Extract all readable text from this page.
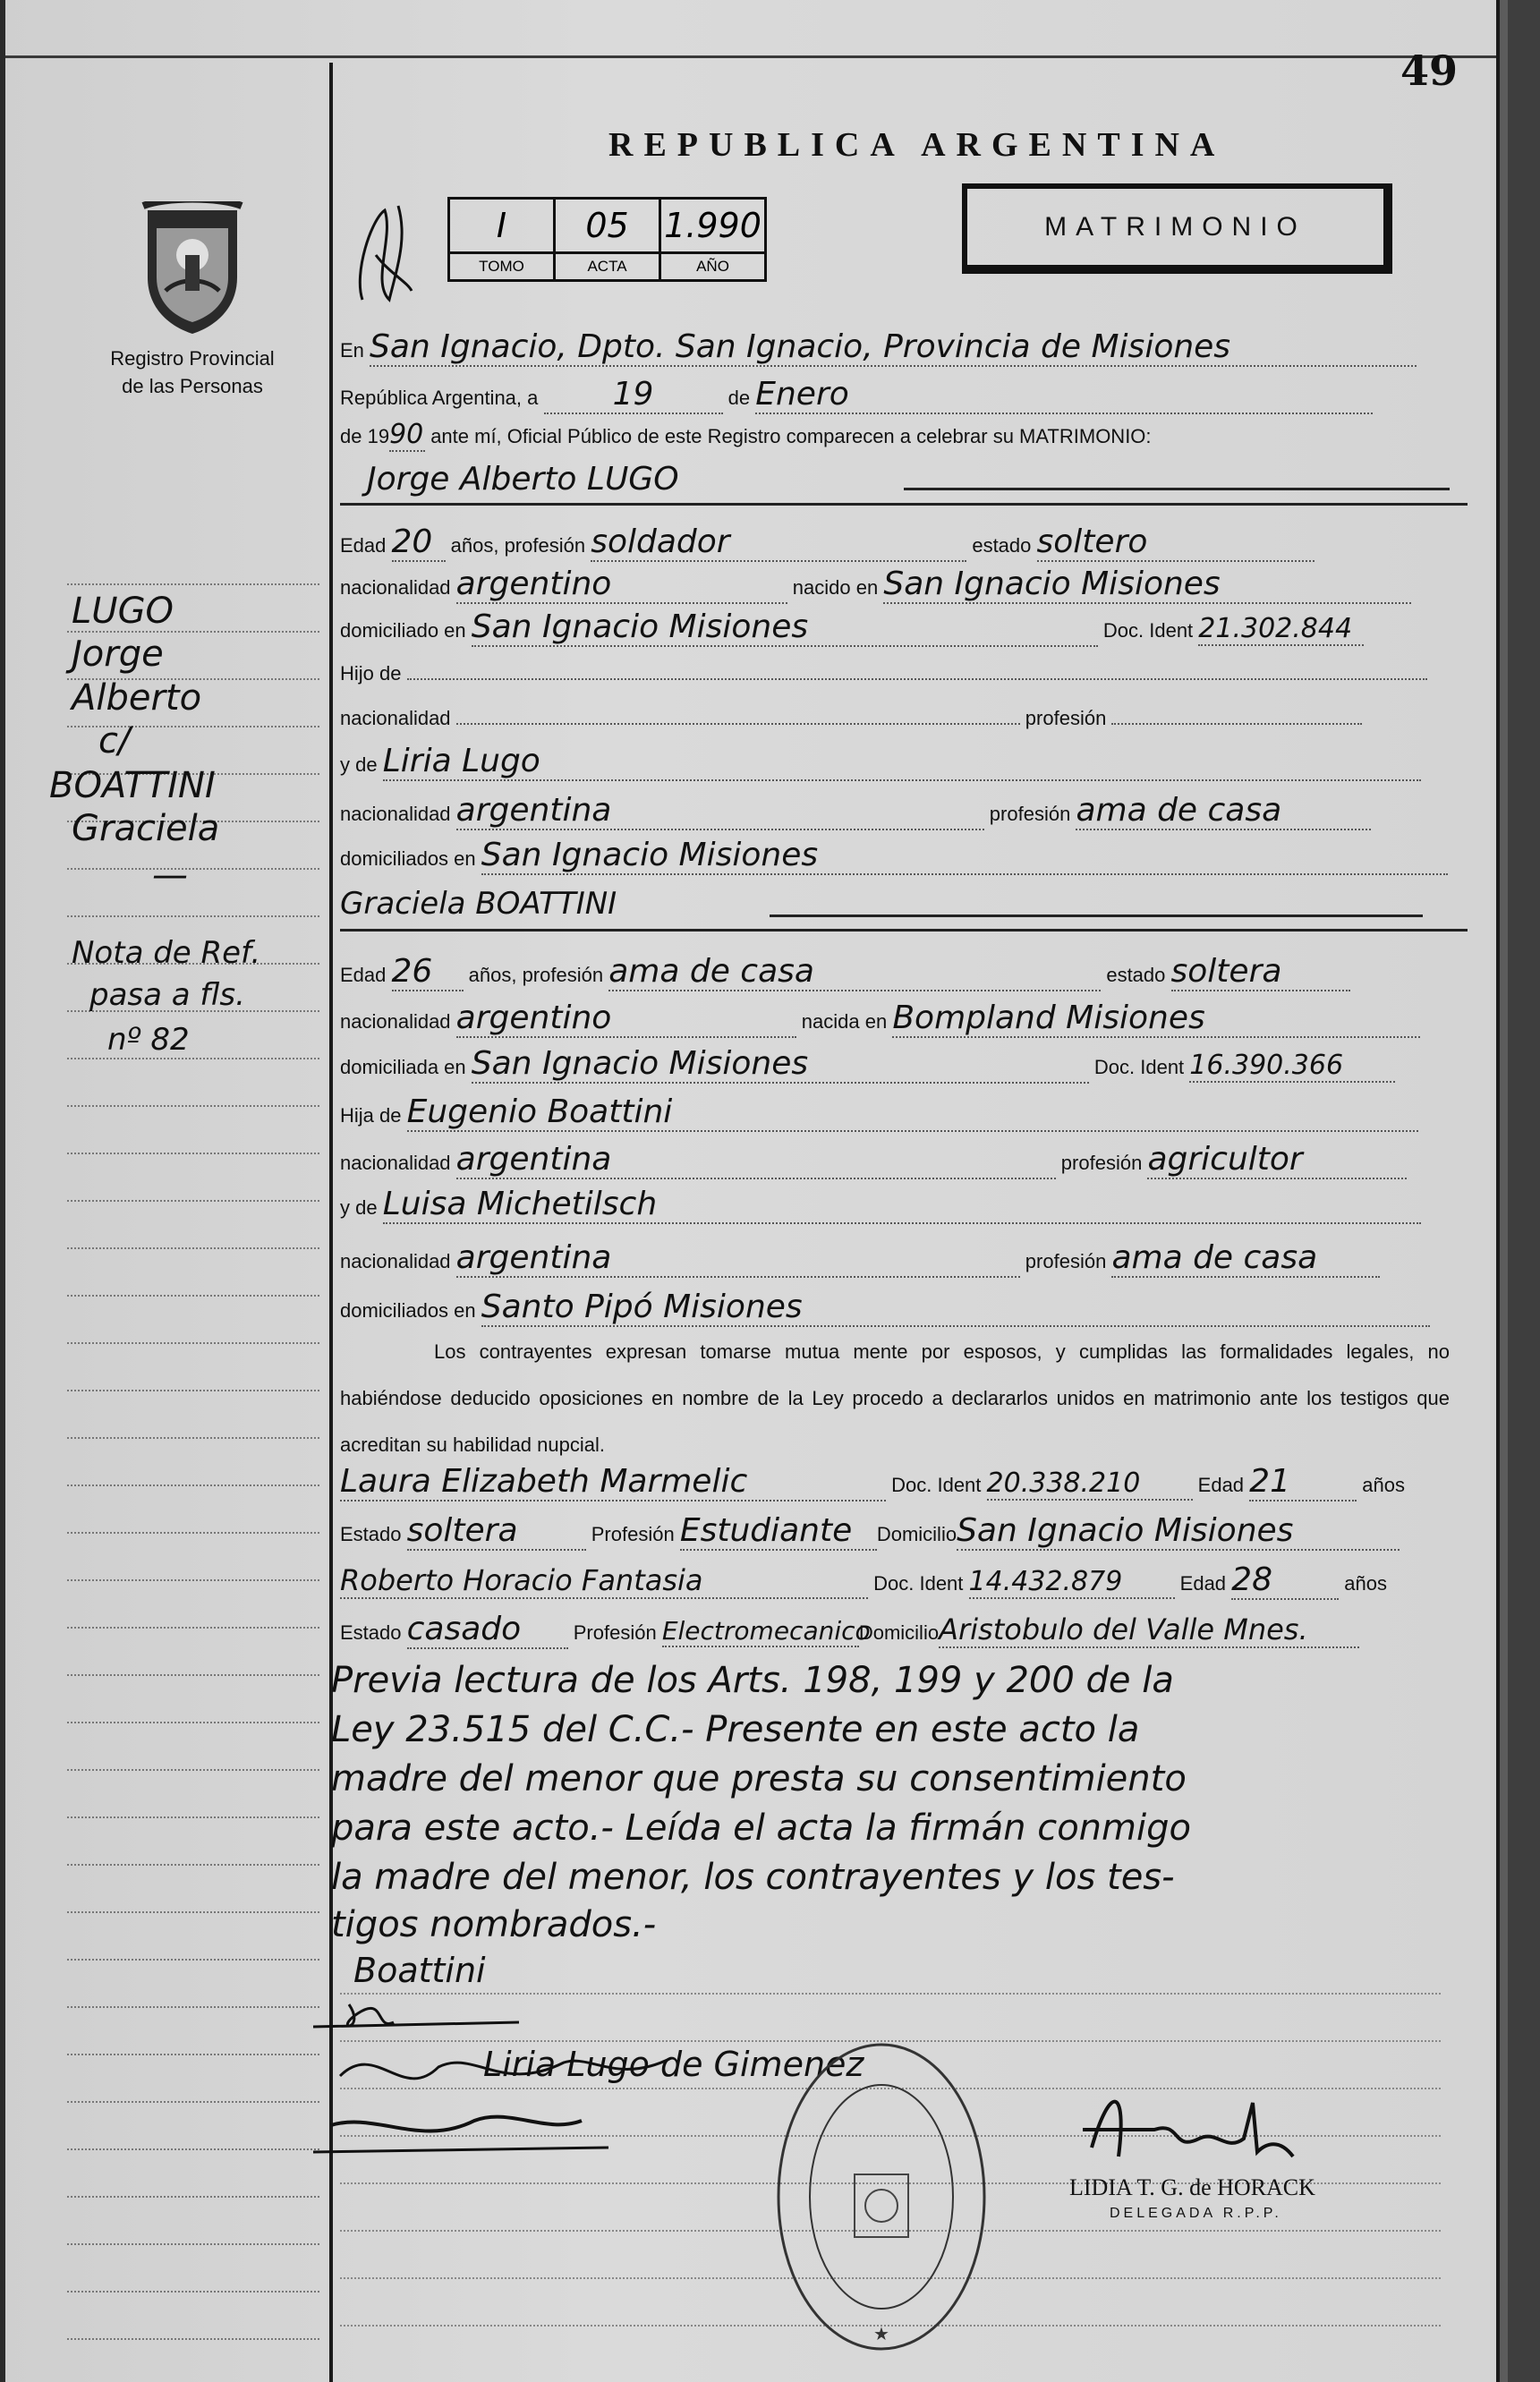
49
REPUBLICA ARGENTINA
MATRIMONIO
I	05	1.990
TOMO	ACTA	AÑO
Registro Provincial
de las Personas
LUGO
Jorge
Alberto
c/
BOATTINI
Graciela
—
Nota de Ref.
pasa a fls.
nº 82
En San Ignacio, Dpto. San Ignacio, Provincia de Misiones
República Argentina, a 19	de Enero
de 1990 ante mí, Oficial Público de este Registro comparecen a celebrar su MATRIMONIO:
Jorge Alberto LUGO
Edad 20 años, profesión soldador	estado soltero
nacionalidad argentino	nacido en San Ignacio Misiones
domiciliado en San Ignacio Misiones	Doc. Ident 21.302.844
Hijo de
nacionalidad	profesión
y de Liria Lugo
nacionalidad argentina	profesión ama de casa
domiciliados en San Ignacio Misiones
Graciela BOATTINI
Edad 26 años, profesión ama de casa	estado soltera
nacionalidad argentino	nacida en Bompland Misiones
domiciliada en San Ignacio Misiones	Doc. Ident 16.390.366
Hija de Eugenio Boattini
nacionalidad argentina	profesión agricultor
y de Luisa Michetilsch
nacionalidad argentina	profesión ama de casa
domiciliados en Santo Pipó Misiones
Los contrayentes expresan tomarse mutua mente por esposos, y cumplidas las formalidades legales, no habiéndose deducido oposiciones en nombre de la Ley procedo a declararlos unidos en matrimonio ante los testigos que acreditan su habilidad nupcial.
Laura Elizabeth Marmelic	Doc. Ident 20.338.210	Edad 21	años
Estado soltera	Profesión Estudiante DomicilioSan Ignacio Misiones
Roberto Horacio Fantasia	Doc. Ident 14.432.879	Edad 28	años
Estado casado	Profesión ElectromecanicoDomicilioAristobulo del Valle Mnes.
Previa lectura de los Arts. 198, 199 y 200 de la
Ley 23.515 del C.C.- Presente en este acto la
madre del menor que presta su consentimiento
para este acto.- Leída el acta la firmán conmigo
la madre del menor, los contrayentes y los tes-
tigos nombrados.-
Boattini
Liria Lugo de Gimenez
★
LIDIA T. G. de HORACK
DELEGADA R.P.P.
